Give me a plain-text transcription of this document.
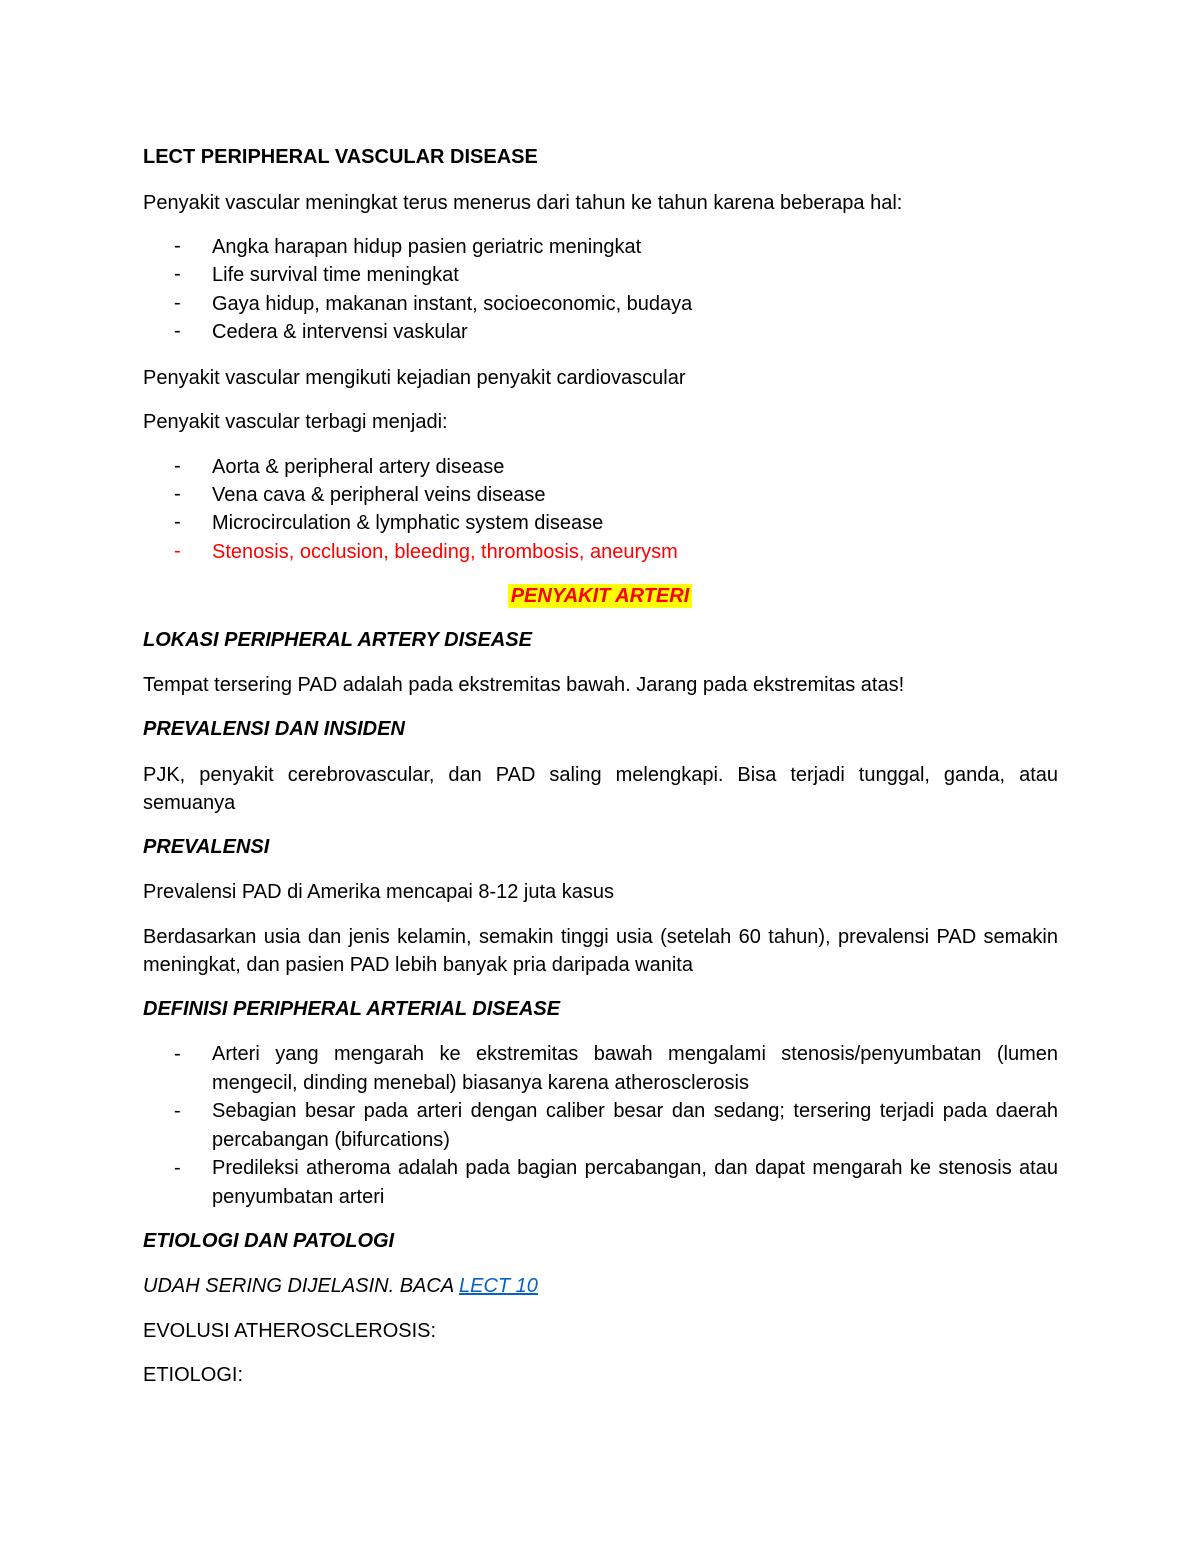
LECT PERIPHERAL VASCULAR DISEASE
Penyakit vascular meningkat terus menerus dari tahun ke tahun karena beberapa hal:
- Angka harapan hidup pasien geriatric meningkat
- Life survival time meningkat
- Gaya hidup, makanan instant, socioeconomic, budaya
- Cedera & intervensi vaskular
Penyakit vascular mengikuti kejadian penyakit cardiovascular
Penyakit vascular terbagi menjadi:
- Aorta & peripheral artery disease
- Vena cava & peripheral veins disease
- Microcirculation & lymphatic system disease
- Stenosis, occlusion, bleeding, thrombosis, aneurysm
PENYAKIT ARTERI
LOKASI PERIPHERAL ARTERY DISEASE
Tempat tersering PAD adalah pada ekstremitas bawah. Jarang pada ekstremitas atas!
PREVALENSI DAN INSIDEN
PJK, penyakit cerebrovascular, dan PAD saling melengkapi. Bisa terjadi tunggal, ganda, atau semuanya
PREVALENSI
Prevalensi PAD di Amerika mencapai 8-12 juta kasus
Berdasarkan usia dan jenis kelamin, semakin tinggi usia (setelah 60 tahun), prevalensi PAD semakin meningkat, dan pasien PAD lebih banyak pria daripada wanita
DEFINISI PERIPHERAL ARTERIAL DISEASE
- Arteri yang mengarah ke ekstremitas bawah mengalami stenosis/penyumbatan (lumen mengecil, dinding menebal) biasanya karena atherosclerosis
- Sebagian besar pada arteri dengan caliber besar dan sedang; tersering terjadi pada daerah percabangan (bifurcations)
- Predileksi atheroma adalah pada bagian percabangan, dan dapat mengarah ke stenosis atau penyumbatan arteri
ETIOLOGI DAN PATOLOGI
UDAH SERING DIJELASIN. BACA LECT 10
EVOLUSI ATHEROSCLEROSIS:
ETIOLOGI:
